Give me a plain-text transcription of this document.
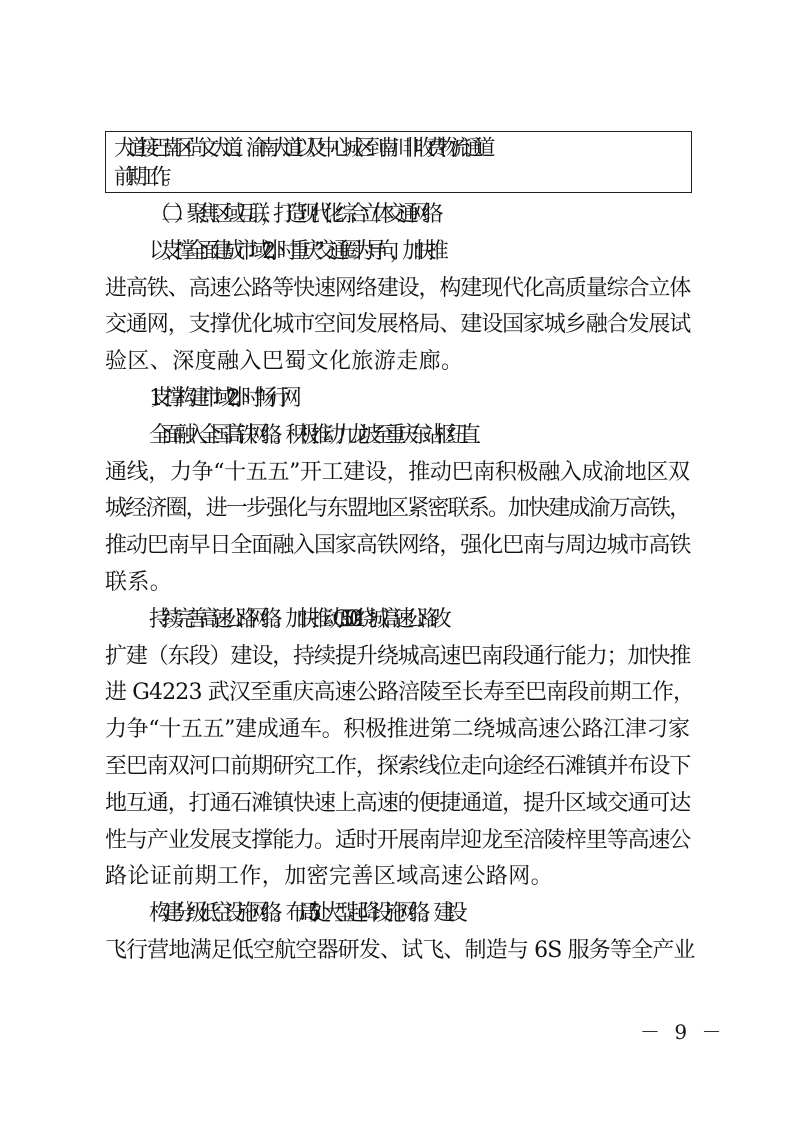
大道接巴南区尚文大道、渝南大道以及中心城区到南川非收费物流通道

前期工作。

（二）聚焦区域互联，打造现代化综合立体交通网络

以支撑全面建成市域“2 小时重庆”交通圈为导向，加快推
进高铁、高速公路等快速网络建设，构建现代化高质量综合立体
交通网，支撑优化城市空间发展格局、建设国家城乡融合发展试
验区、深度融入巴蜀文化旅游走廊。

1.支撑构建市域“2 小时”畅行网

全面融入全国高铁网络。积极推动九龙坡至重庆东站枢纽直
通线，力争“十五五”开工建设，推动巴南积极融入成渝地区双
城经济圈，进一步强化与东盟地区紧密联系。加快建成渝万高铁，
推动巴南早日全面融入国家高铁网络，强化巴南与周边城市高铁
联系。

持续完善高速公路网络。加快推动 G5001 绕城高速公路改
扩建（东段）建设，持续提升绕城高速巴南段通行能力；加快推
进 G4223 武汉至重庆高速公路涪陵至长寿至巴南段前期工作，
力争“十五五”建成通车。积极推进第二绕城高速公路江津刁家
至巴南双河口前期研究工作，探索线位走向途经石滩镇并布设下
地互通，打通石滩镇快速上高速的便捷通道，提升区域交通可达
性与产业发展支撑能力。适时开展南岸迎龙至涪陵梓里等高速公
路论证前期工作，加密完善区域高速公路网。

构建分级低空设施网络。布局 5 处大型起降设施网络。建设
飞行营地满足低空航空器研发、试飞、制造与 6S 服务等全产业

－ 9 －
